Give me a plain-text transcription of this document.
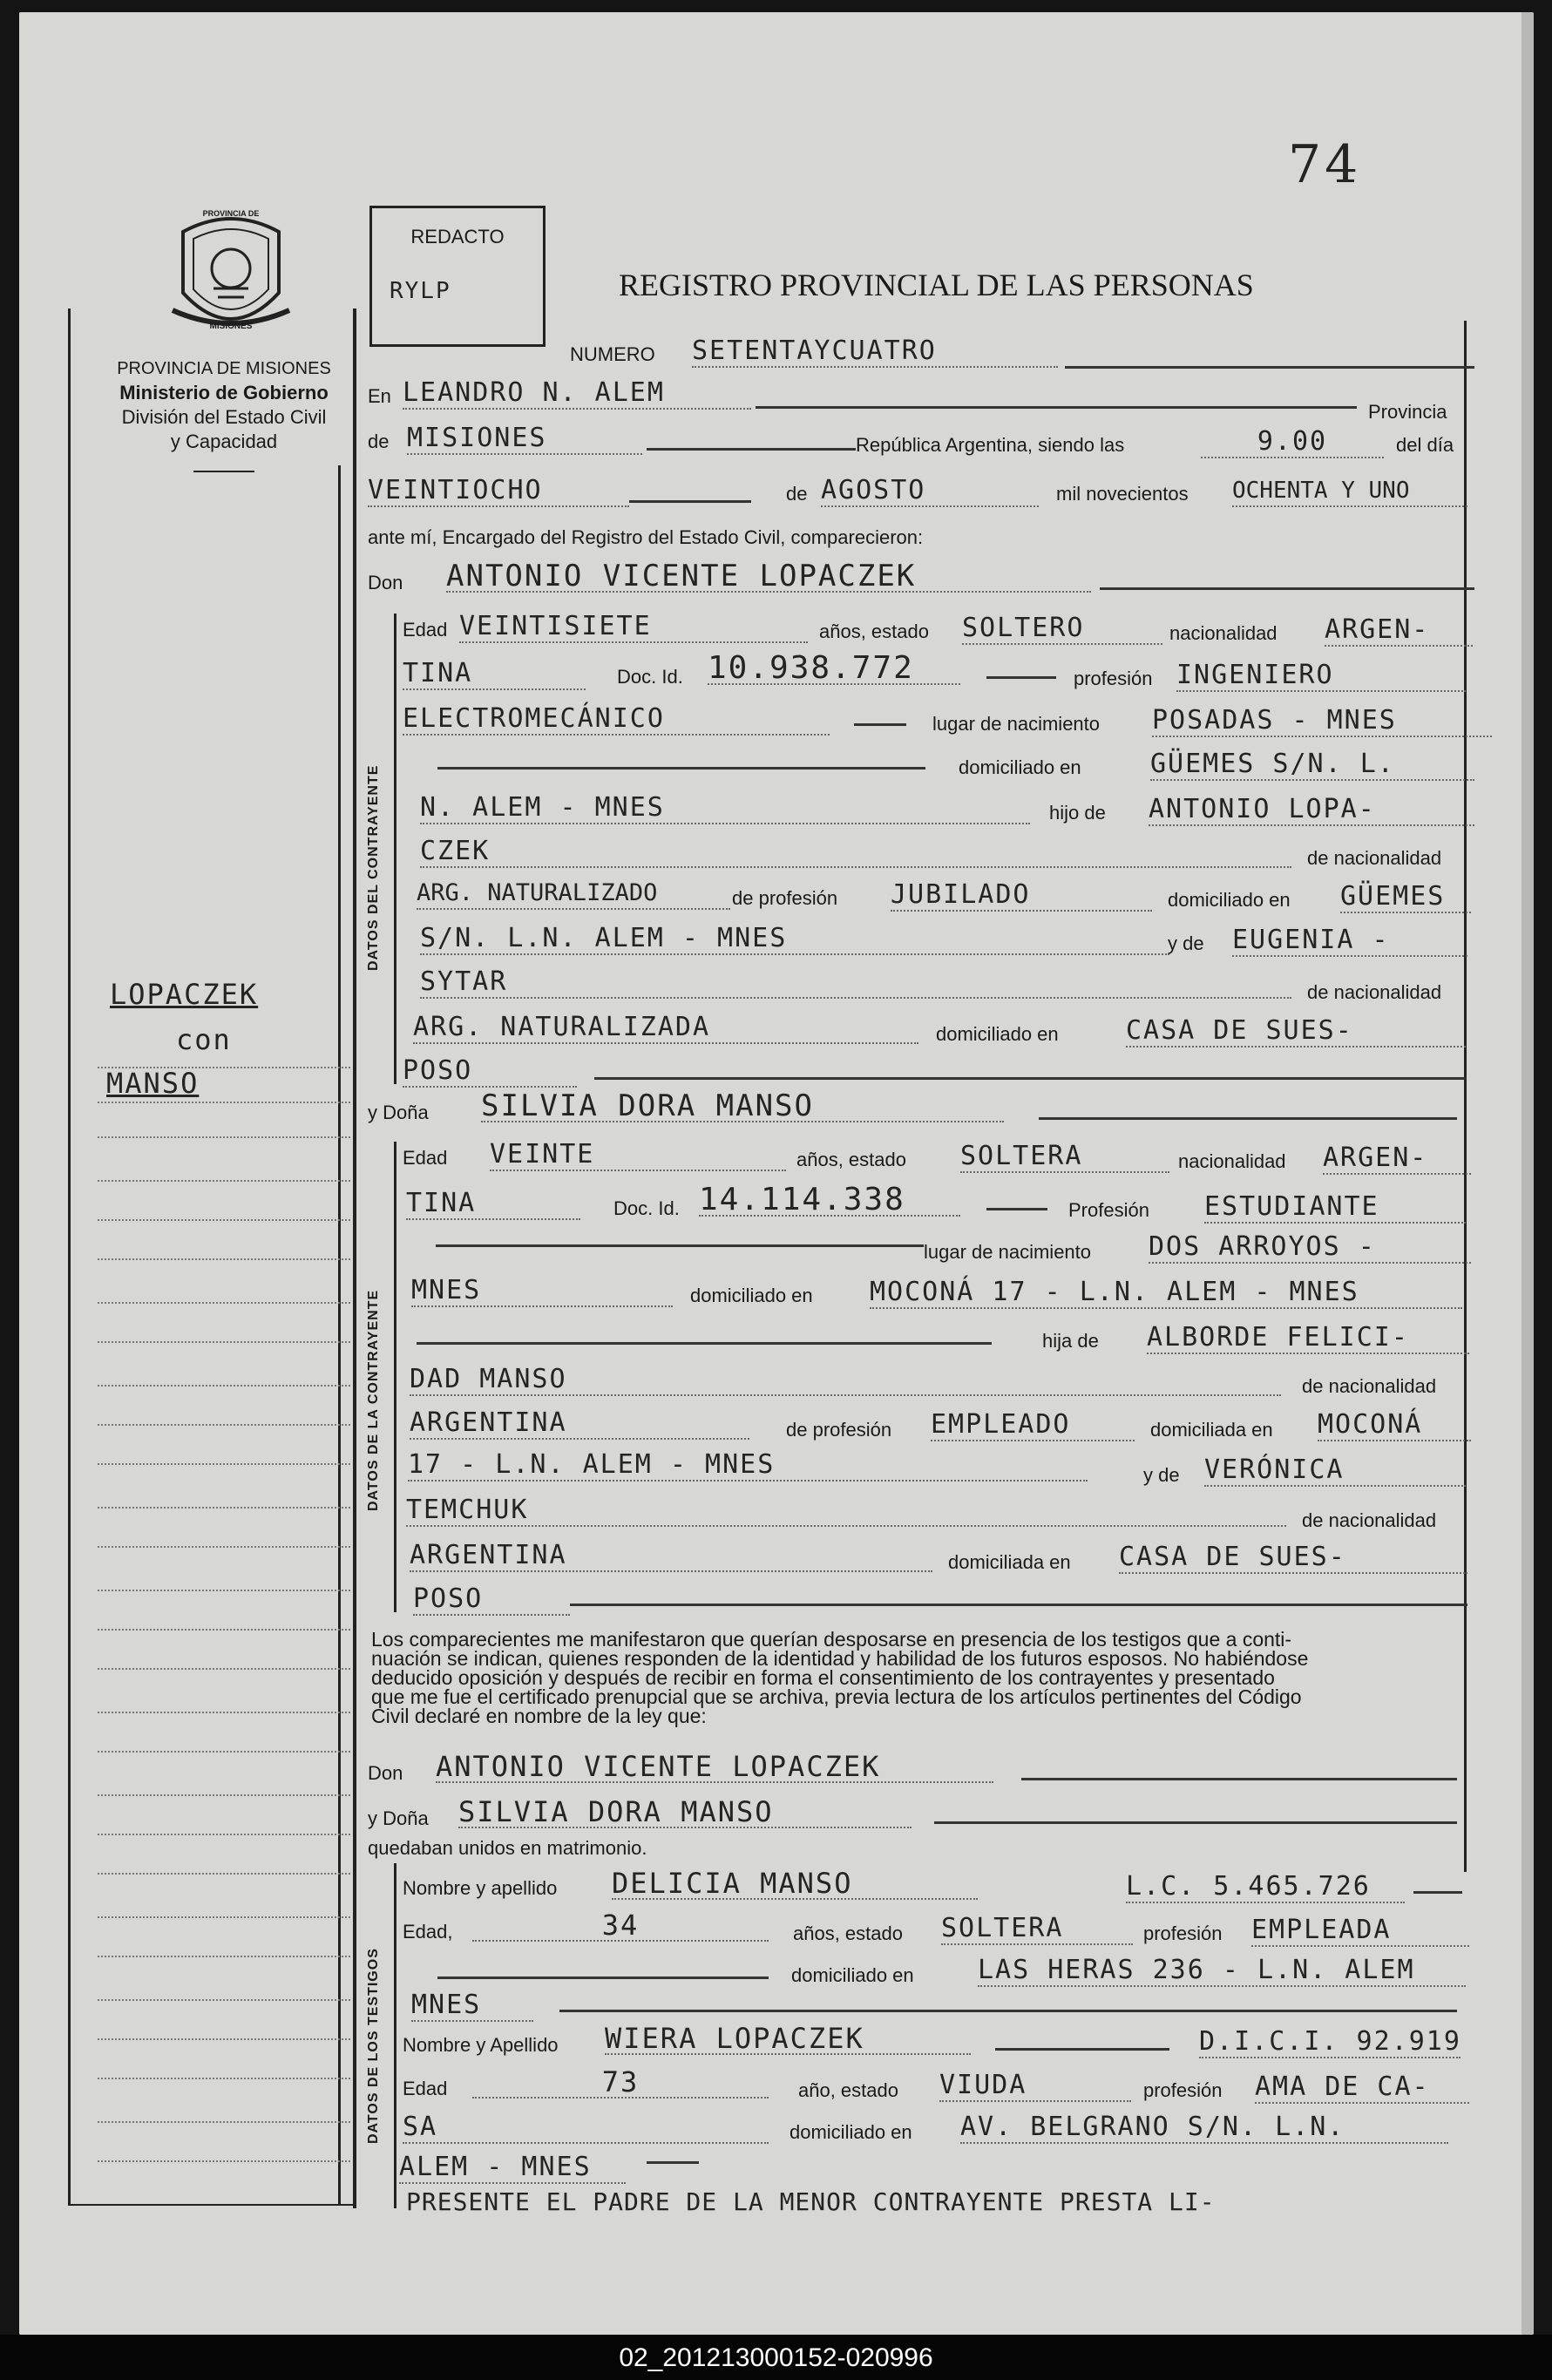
74
PROVINCIA DE
MISIONES
PROVINCIA DE MISIONES
Ministerio de Gobierno
División del Estado Civil
y Capacidad
REDACTO
RYLP	REGISTRO PROVINCIAL DE LAS PERSONAS
LOPACZEK
con
MANSO
NUMERO SETENTAYCUATRO
En LEANDRO N. ALEM
Provincia
de MISIONES	República Argentina, siendo las	9.00	del día
VEINTIOCHO	de AGOSTO	mil novecientos OCHENTA Y UNO
ante mí, Encargado del Registro del Estado Civil, comparecieron:
Don ANTONIO VICENTE LOPACZEK
DATOS DEL CONTRAYENTE
Edad VEINTISIETE	años, estado SOLTERO	nacionalidad ARGEN-
TINA	Doc. Id. 10.938.772	profesión INGENIERO
ELECTROMECÁNICO	lugar de nacimiento POSADAS - MNES
domiciliado en	GÜEMES S/N. L.
N. ALEM - MNES	hijo de ANTONIO LOPA-
CZEK	de nacionalidad
ARG. NATURALIZADO	de profesión JUBILADO	domiciliado en GÜEMES
S/N. L.N. ALEM - MNES	y de EUGENIA -
SYTAR	de nacionalidad
ARG. NATURALIZADA	domiciliado en	CASA DE SUES-
POSO
y Doña SILVIA DORA MANSO
DATOS DE LA CONTRAYENTE
Edad VEINTE	años, estado SOLTERA	nacionalidad ARGEN-
TINA	Doc. Id. 14.114.338	Profesión ESTUDIANTE
lugar de nacimiento DOS ARROYOS -
MNES	domiciliado en MOCONÁ 17 - L.N. ALEM - MNES
hija de ALBORDE FELICI-
DAD MANSO	de nacionalidad
ARGENTINA	de profesión EMPLEADO	domiciliada en MOCONÁ
17 - L.N. ALEM - MNES	y de VERÓNICA
TEMCHUK	de nacionalidad
ARGENTINA	domiciliada en CASA DE SUES-
POSO
Los comparecientes me manifestaron que querían desposarse en presencia de los testigos que a conti-
nuación se indican, quienes responden de la identidad y habilidad de los futuros esposos. No habiéndose
deducido oposición y después de recibir en forma el consentimiento de los contrayentes y presentado
que me fue el certificado prenupcial que se archiva, previa lectura de los artículos pertinentes del Código
Civil declaré en nombre de la ley que:
Don ANTONIO VICENTE LOPACZEK
y Doña SILVIA DORA MANSO
quedaban unidos en matrimonio.
DATOS DE LOS TESTIGOS
Nombre y apellido DELICIA MANSO	L.C. 5.465.726
Edad,	34	años, estado SOLTERA	profesión EMPLEADA
domiciliado en LAS HERAS 236 - L.N. ALEM
MNES
Nombre y Apellido WIERA LOPACZEK	D.I.C.I. 92.919
Edad	73	año, estado VIUDA	profesión AMA DE CA-
SA	domiciliado en AV. BELGRANO S/N. L.N.
ALEM - MNES
PRESENTE EL PADRE DE LA MENOR CONTRAYENTE PRESTA LI-
02_201213000152-020996
